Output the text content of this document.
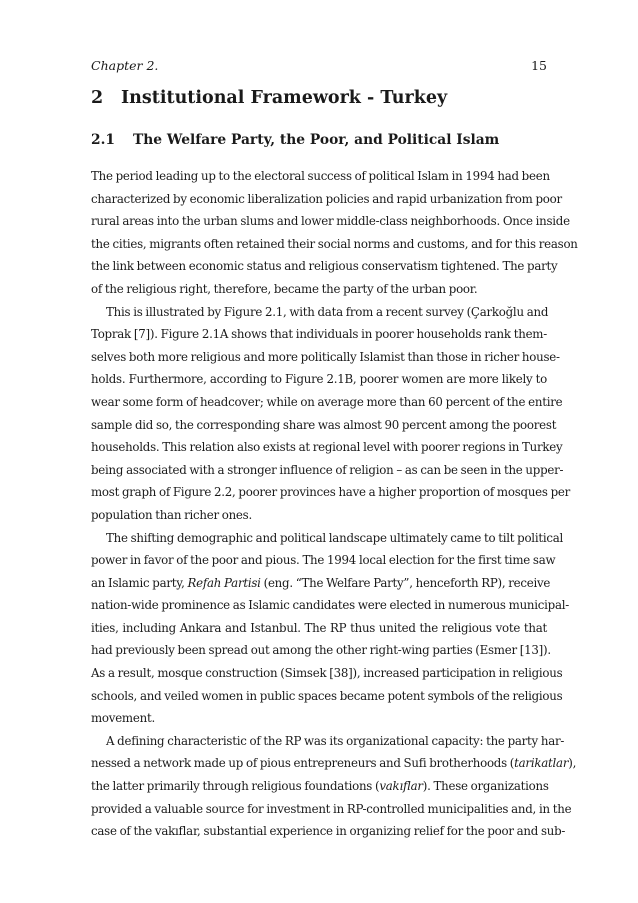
Chapter 2.	15
2 Institutional Framework - Turkey
2.1 The Welfare Party, the Poor, and Political Islam
The period leading up to the electoral success of political Islam in 1994 had been
characterized by economic liberalization policies and rapid urbanization from poor
rural areas into the urban slums and lower middle-class neighborhoods. Once inside
the cities, migrants often retained their social norms and customs, and for this reason
the link between economic status and religious conservatism tightened. The party
of the religious right, therefore, became the party of the urban poor.
This is illustrated by Figure 2.1, with data from a recent survey (Çarkoğlu and
Toprak [7]). Figure 2.1A shows that individuals in poorer households rank them-
selves both more religious and more politically Islamist than those in richer house-
holds. Furthermore, according to Figure 2.1B, poorer women are more likely to
wear some form of headcover; while on average more than 60 percent of the entire
sample did so, the corresponding share was almost 90 percent among the poorest
households. This relation also exists at regional level with poorer regions in Turkey
being associated with a stronger influence of religion – as can be seen in the upper-
most graph of Figure 2.2, poorer provinces have a higher proportion of mosques per
population than richer ones.
The shifting demographic and political landscape ultimately came to tilt political
power in favor of the poor and pious. The 1994 local election for the first time saw
an Islamic party, Refah Partisi (eng. “The Welfare Party”, henceforth RP), receive
nation-wide prominence as Islamic candidates were elected in numerous municipal-
ities, including Ankara and Istanbul. The RP thus united the religious vote that
had previously been spread out among the other right-wing parties (Esmer [13]).
As a result, mosque construction (Simsek [38]), increased participation in religious
schools, and veiled women in public spaces became potent symbols of the religious
movement.
A defining characteristic of the RP was its organizational capacity: the party har-
nessed a network made up of pious entrepreneurs and Sufi brotherhoods (tarikatlar),
the latter primarily through religious foundations (vakıflar). These organizations
provided a valuable source for investment in RP-controlled municipalities and, in the
case of the vakıflar, substantial experience in organizing relief for the poor and sub-
